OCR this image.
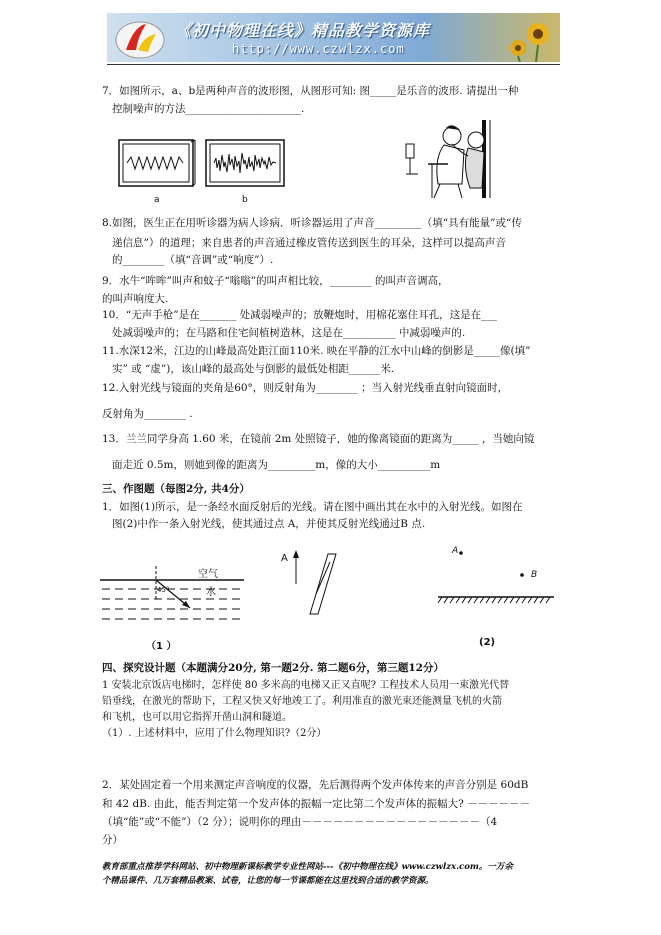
《初中物理在线》精品教学资源库
http://www.czwlzx.com
7．如图所示，a、b是两种声音的波形图，从图形可知: 图_____是乐音的波形. 请提出一种
控制噪声的方法______________________.
a	b
8.如图，医生正在用听诊器为病人诊病．听诊器运用了声音_________（填“具有能量”或“传
递信息”）的道理；来自患者的声音通过橡皮管传送到医生的耳朵，这样可以提高声音
的________（填“音调”或“响度”）.
9．水牛“哞哞”叫声和蚊子“嗡嗡”的叫声相比较，________ 的叫声音调高，
的叫声响度大.
10．“无声手枪”是在_______ 处减弱噪声的；放鞭炮时，用棉花塞住耳孔，这是在___
处减弱噪声的；在马路和住宅间植树造林，这是在__________ 中减弱噪声的.
11.水深12米，江边的山峰最高处距江面110米. 映在平静的江水中山峰的倒影是_____像(填”
实” 或 “虚”)，该山峰的最高处与倒影的最低处相距______米.
12.入射光线与镜面的夹角是60°，则反射角为________ ；当入射光线垂直射向镜面时，
反射角为________ .
13．兰兰同学身高 1.60 米，在镜前 2m 处照镜子，她的像离镜面的距离为_____ ，当她向镜
面走近 0.5m，则她到像的距离为_________m，像的大小__________m
三、作图题（每图2分, 共4分）
1．如图(1)所示，是一条经水面反射后的光线。请在图中画出其在水中的入射光线。如图在
图(2)中作一条入射光线，使其通过点 A，并使其反射光线通过B 点.
空气
水
45°
（1 ）
A
A
B
(2)
四、探究设计题（本题满分20分, 第一题2分. 第二题6分，第三题12分）
1 安装北京饭店电梯时，怎样使 80 多米高的电梯又正又直呢? 工程技术人员用一束激光代替
铅垂线，在激光的帮助下，工程又快又好地竣工了。利用准直的激光束还能测量飞机的火箭
和飞机，也可以用它指挥开凿山洞和隧道。
（1）. 上述材料中，应用了什么物理知识?（2分）
2．某处固定着一个用来测定声音响度的仪器，先后测得两个发声体传来的声音分别是 60dB
和 42 dB. 由此，能否判定第一个发声体的振幅一定比第二个发声体的振幅大? －－－－－－
（填“能”或“不能”）（2 分）；说明你的理由－－－－－－－－－－－－－－－－－（4
分）
教育部重点推荐学科网站、初中物理新课标教学专业性网站---《初中物理在线》www.czwlzx.com。一万余
个精品课件、几万套精品教案、试卷，让您的每一节课都能在这里找到合适的教学资源。
